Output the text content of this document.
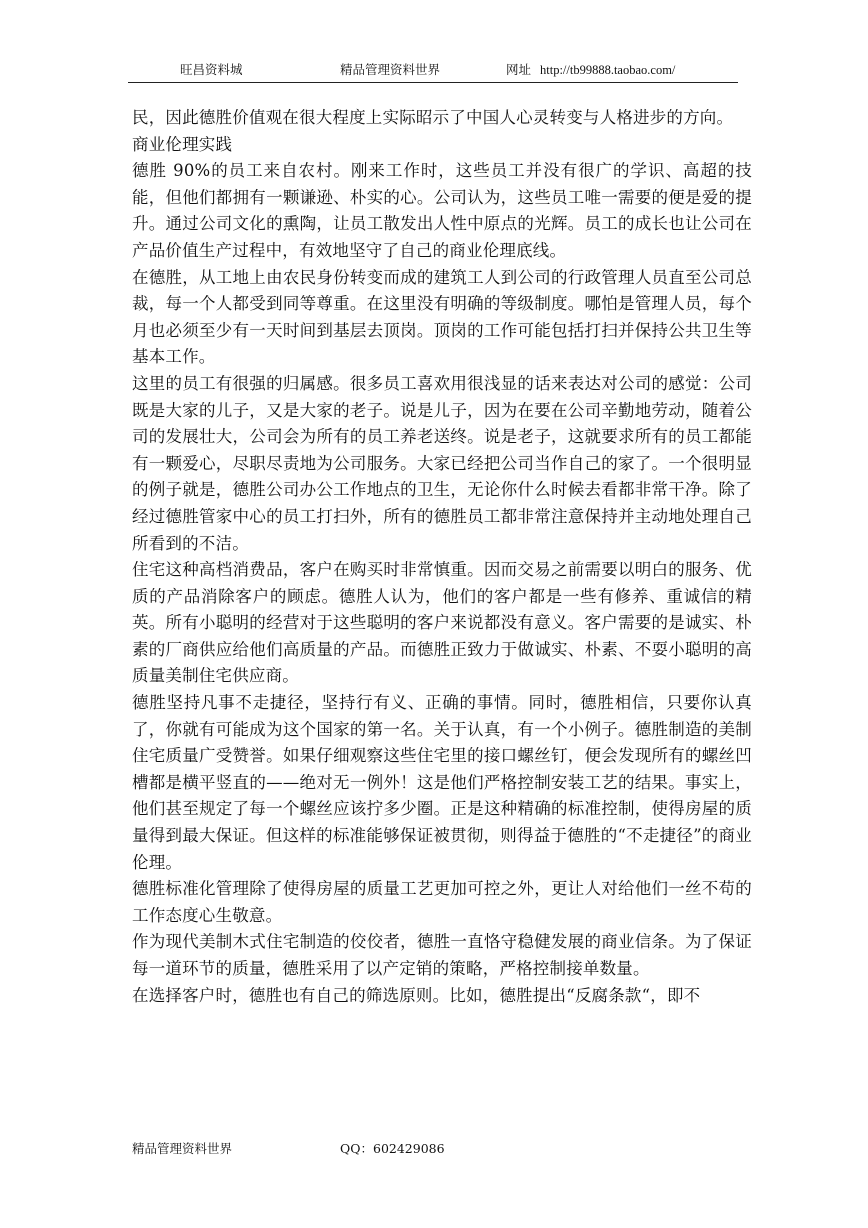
旺昌资料城	精品管理资料世界	网址 http://tb99888.taobao.com/

民，因此德胜价值观在很大程度上实际昭示了中国人心灵转变与人格进步的方向。

商业伦理实践

德胜 90%的员工来自农村。刚来工作时，这些员工并没有很广的学识、高超的技能，但他们都拥有一颗谦逊、朴实的心。公司认为，这些员工唯一需要的便是爱的提升。通过公司文化的熏陶，让员工散发出人性中原点的光辉。员工的成长也让公司在产品价值生产过程中，有效地坚守了自己的商业伦理底线。

在德胜，从工地上由农民身份转变而成的建筑工人到公司的行政管理人员直至公司总裁，每一个人都受到同等尊重。在这里没有明确的等级制度。哪怕是管理人员，每个月也必须至少有一天时间到基层去顶岗。顶岗的工作可能包括打扫并保持公共卫生等基本工作。

这里的员工有很强的归属感。很多员工喜欢用很浅显的话来表达对公司的感觉：公司既是大家的儿子，又是大家的老子。说是儿子，因为在要在公司辛勤地劳动，随着公司的发展壮大，公司会为所有的员工养老送终。说是老子，这就要求所有的员工都能有一颗爱心，尽职尽责地为公司服务。大家已经把公司当作自己的家了。一个很明显的例子就是，德胜公司办公工作地点的卫生，无论你什么时候去看都非常干净。除了经过德胜管家中心的员工打扫外，所有的德胜员工都非常注意保持并主动地处理自己所看到的不洁。

住宅这种高档消费品，客户在购买时非常慎重。因而交易之前需要以明白的服务、优质的产品消除客户的顾虑。德胜人认为，他们的客户都是一些有修养、重诚信的精英。所有小聪明的经营对于这些聪明的客户来说都没有意义。客户需要的是诚实、朴素的厂商供应给他们高质量的产品。而德胜正致力于做诚实、朴素、不耍小聪明的高质量美制住宅供应商。

德胜坚持凡事不走捷径，坚持行有义、正确的事情。同时，德胜相信，只要你认真了，你就有可能成为这个国家的第一名。关于认真，有一个小例子。德胜制造的美制住宅质量广受赞誉。如果仔细观察这些住宅里的接口螺丝钉，便会发现所有的螺丝凹槽都是横平竖直的——绝对无一例外！这是他们严格控制安装工艺的结果。事实上，他们甚至规定了每一个螺丝应该拧多少圈。正是这种精确的标准控制，使得房屋的质量得到最大保证。但这样的标准能够保证被贯彻，则得益于德胜的“不走捷径”的商业伦理。

德胜标准化管理除了使得房屋的质量工艺更加可控之外，更让人对给他们一丝不苟的工作态度心生敬意。

作为现代美制木式住宅制造的佼佼者，德胜一直恪守稳健发展的商业信条。为了保证每一道环节的质量，德胜采用了以产定销的策略，严格控制接单数量。

在选择客户时，德胜也有自己的筛选原则。比如，德胜提出“反腐条款“，即不

精品管理资料世界	QQ：602429086
